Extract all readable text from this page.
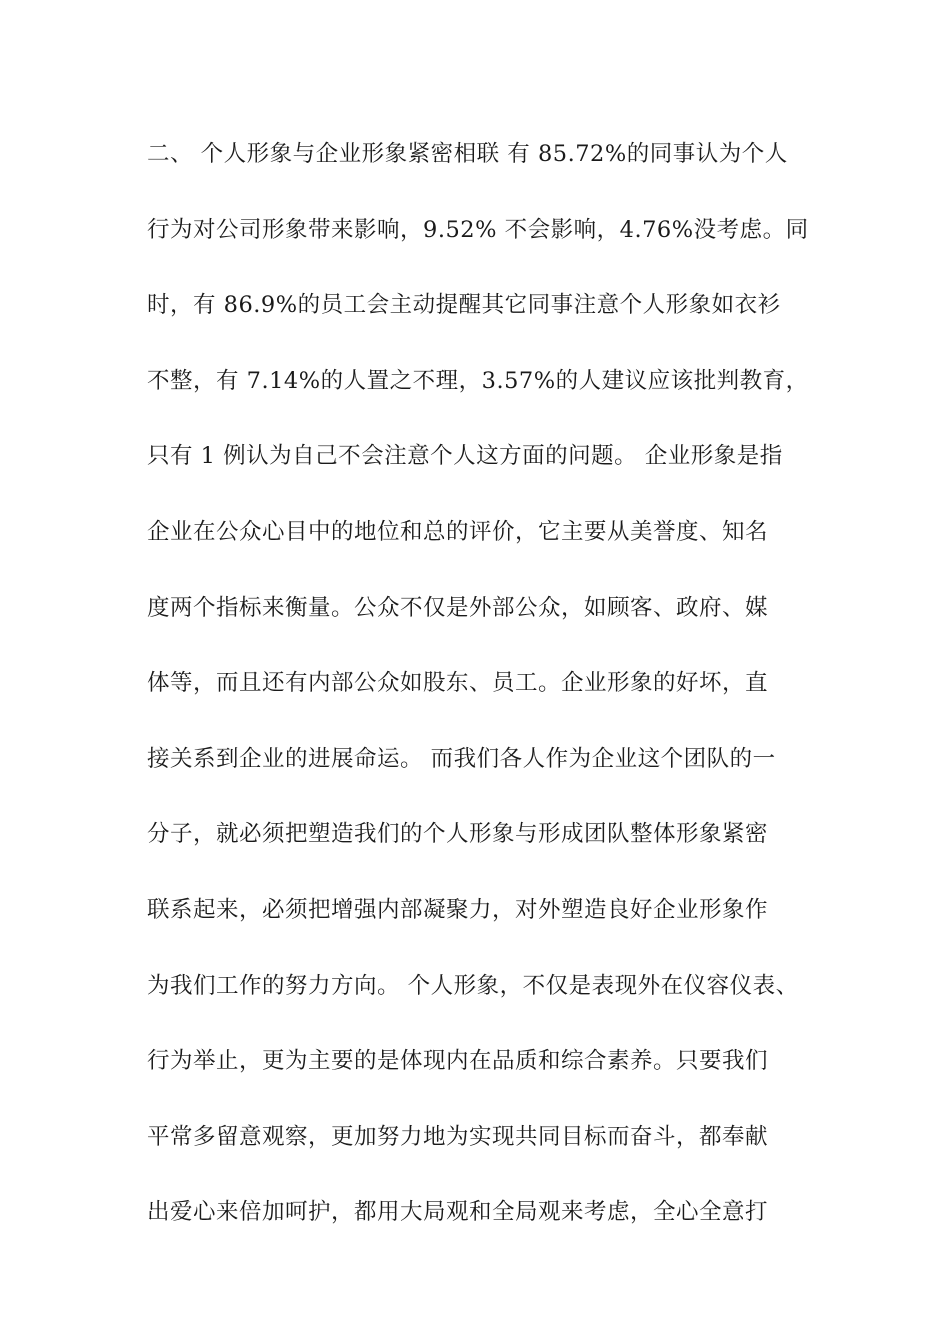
二、 个人形象与企业形象紧密相联 有 85.72%的同事认为个人
行为对公司形象带来影响，9.52% 不会影响，4.76%没考虑。同
时，有 86.9%的员工会主动提醒其它同事注意个人形象如衣衫
不整，有 7.14%的人置之不理，3.57%的人建议应该批判教育，
只有 1 例认为自己不会注意个人这方面的问题。 企业形象是指
企业在公众心目中的地位和总的评价，它主要从美誉度、知名
度两个指标来衡量。公众不仅是外部公众，如顾客、政府、媒
体等，而且还有内部公众如股东、员工。企业形象的好坏，直
接关系到企业的进展命运。 而我们各人作为企业这个团队的一
分子，就必须把塑造我们的个人形象与形成团队整体形象紧密
联系起来，必须把增强内部凝聚力，对外塑造良好企业形象作
为我们工作的努力方向。 个人形象，不仅是表现外在仪容仪表、
行为举止，更为主要的是体现内在品质和综合素养。只要我们
平常多留意观察，更加努力地为实现共同目标而奋斗，都奉献
出爱心来倍加呵护，都用大局观和全局观来考虑，全心全意打
